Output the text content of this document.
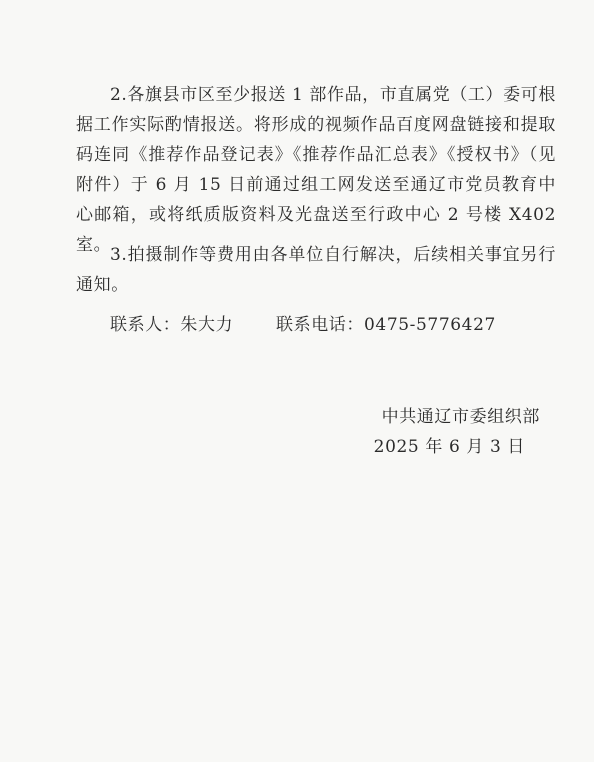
2.各旗县市区至少报送 1 部作品，市直属党（工）委可根据工作实际酌情报送。将形成的视频作品百度网盘链接和提取码连同《推荐作品登记表》《推荐作品汇总表》《授权书》（见附件）于 6 月 15 日前通过组工网发送至通辽市党员教育中心邮箱，或将纸质版资料及光盘送至行政中心 2 号楼 X402 室。

3.拍摄制作等费用由各单位自行解决，后续相关事宜另行通知。

联系人：朱大力	联系电话：0475-5776427
中共通辽市委组织部
2025 年 6 月 3 日
